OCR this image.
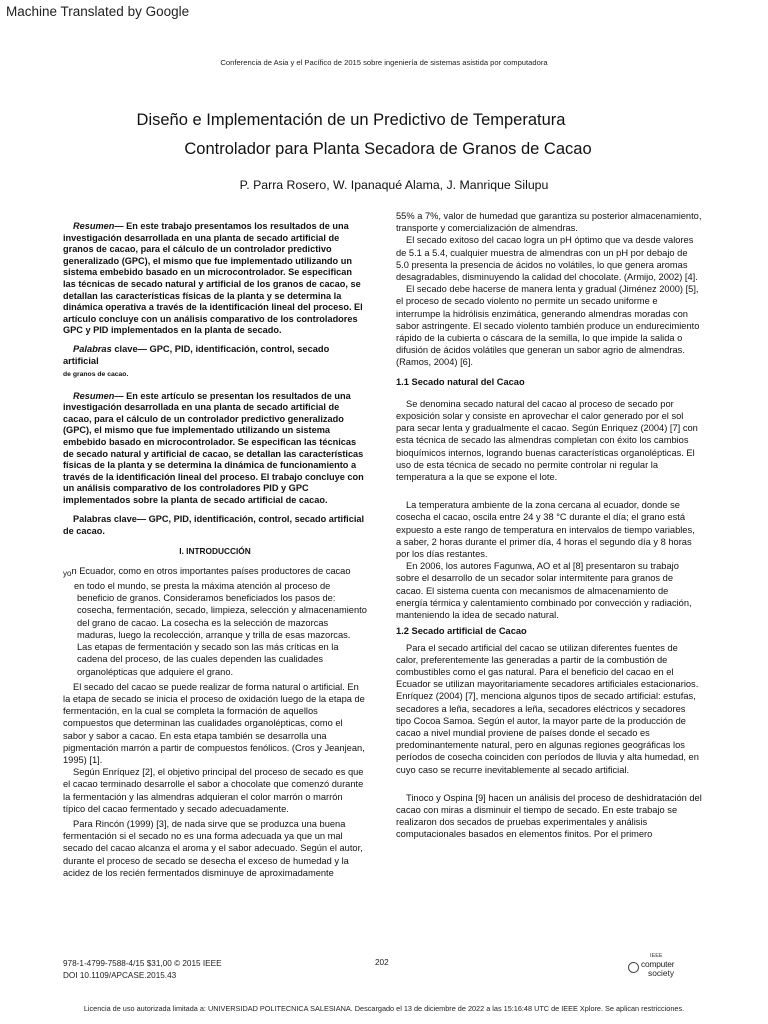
Machine Translated by Google
Conferencia de Asia y el Pacífico de 2015 sobre ingeniería de sistemas asistida por computadora
Diseño e Implementación de un Predictivo de Temperatura
Controlador para Planta Secadora de Granos de Cacao
P. Parra Rosero, W. Ipanaqué Alama, J. Manrique Silupu

Resumen— En este trabajo presentamos los resultados de una investigación desarrollada en una planta de secado artificial de granos de cacao, para el cálculo de un controlador predictivo generalizado (GPC), el mismo que fue implementado utilizando un sistema embebido basado en un microcontrolador. Se especifican las técnicas de secado natural y artificial de los granos de cacao, se detallan las características físicas de la planta y se determina la dinámica operativa a través de la identificación lineal del proceso. El artículo concluye con un análisis comparativo de los controladores GPC y PID implementados en la planta de secado.

Palabras clave— GPC, PID, identificación, control, secado artificial
de granos de cacao.

Resumen— En este artículo se presentan los resultados de una investigación desarrollada en una planta de secado artificial de cacao, para el cálculo de un controlador predictivo generalizado (GPC), el mismo que fue implementado utilizando un sistema embebido basado en microcontrolador. Se especifican las técnicas de secado natural y artificial de cacao, se detallan las características físicas de la planta y se determina la dinámica de funcionamiento a través de la identificación lineal del proceso. El trabajo concluye con un análisis comparativo de los controladores PID y GPC implementados sobre la planta de secado artificial de cacao.

Palabras clave— GPC, PID, identificación, control, secado artificial de cacao.

I. INTRODUCCIÓN

yon Ecuador, como en otros importantes países productores de cacao

en todo el mundo, se presta la máxima atención al proceso de beneficio de granos. Consideramos beneficiados los pasos de: cosecha, fermentación, secado, limpieza, selección y almacenamiento del grano de cacao. La cosecha es la selección de mazorcas maduras, luego la recolección, arranque y trilla de esas mazorcas. Las etapas de fermentación y secado son las más críticas en la cadena del proceso, de las cuales dependen las cualidades organolépticas que adquiere el grano.

El secado del cacao se puede realizar de forma natural o artificial. En la etapa de secado se inicia el proceso de oxidación luego de la etapa de fermentación, en la cual se completa la formación de aquellos compuestos que determinan las cualidades organolépticas, como el sabor y sabor a cacao. En esta etapa también se desarrolla una pigmentación marrón a partir de compuestos fenólicos. (Cros y Jeanjean, 1995) [1].

Según Enríquez [2], el objetivo principal del proceso de secado es que el cacao terminado desarrolle el sabor a chocolate que comenzó durante la fermentación y las almendras adquieran el color marrón o marrón típico del cacao fermentado y secado adecuadamente.

Para Rincón (1999) [3], de nada sirve que se produzca una buena fermentación si el secado no es una forma adecuada ya que un mal secado del cacao alcanza el aroma y el sabor adecuado. Según el autor, durante el proceso de secado se desecha el exceso de humedad y la acidez de los recién fermentados disminuye de aproximadamente

55% a 7%, valor de humedad que garantiza su posterior almacenamiento, transporte y comercialización de almendras.

El secado exitoso del cacao logra un pH óptimo que va desde valores de 5.1 a 5.4, cualquier muestra de almendras con un pH por debajo de 5.0 presenta la presencia de ácidos no volátiles, lo que genera aromas desagradables, disminuyendo la calidad del chocolate. (Armijo, 2002) [4].

El secado debe hacerse de manera lenta y gradual (Jiménez 2000) [5], el proceso de secado violento no permite un secado uniforme e interrumpe la hidrólisis enzimática, generando almendras moradas con sabor astringente. El secado violento también produce un endurecimiento rápido de la cubierta o cáscara de la semilla, lo que impide la salida o difusión de ácidos volátiles que generan un sabor agrio de almendras. (Ramos, 2004) [6].

1.1 Secado natural del Cacao

Se denomina secado natural del cacao al proceso de secado por exposición solar y consiste en aprovechar el calor generado por el sol para secar lenta y gradualmente el cacao. Según Enriquez (2004) [7] con esta técnica de secado las almendras completan con éxito los cambios bioquímicos internos, logrando buenas características organolépticas. El uso de esta técnica de secado no permite controlar ni regular la temperatura a la que se expone el lote.

La temperatura ambiente de la zona cercana al ecuador, donde se cosecha el cacao, oscila entre 24 y 38 °C durante el día; el grano está expuesto a este rango de temperatura en intervalos de tiempo variables, a saber, 2 horas durante el primer día, 4 horas el segundo día y 8 horas por los días restantes.

En 2006, los autores Fagunwa, AO et al [8] presentaron su trabajo sobre el desarrollo de un secador solar intermitente para granos de cacao. El sistema cuenta con mecanismos de almacenamiento de energía térmica y calentamiento combinado por convección y radiación, manteniendo la idea de secado natural.

1.2 Secado artificial de Cacao

Para el secado artificial del cacao se utilizan diferentes fuentes de calor, preferentemente las generadas a partir de la combustión de combustibles como el gas natural. Para el beneficio del cacao en el Ecuador se utilizan mayoritariamente secadores artificiales estacionarios. Enríquez (2004) [7], menciona algunos tipos de secado artificial: estufas, secadores a leña, secadores a leña, secadores eléctricos y secadores tipo Cocoa Samoa. Según el autor, la mayor parte de la producción de cacao a nivel mundial proviene de países donde el secado es predominantemente natural, pero en algunas regiones geográficas los períodos de cosecha coinciden con períodos de lluvia y alta humedad, en cuyo caso se recurre inevitablemente al secado artificial.

Tinoco y Ospina [9] hacen un análisis del proceso de deshidratación del cacao con miras a disminuir el tiempo de secado. En este trabajo se realizaron dos secados de pruebas experimentales y análisis computacionales basados en elementos finitos. Por el primero

978-1-4799-7588-4/15 $31,00 © 2015 IEEE
DOI 10.1109/APCASE.2015.43
202
IEEE
computer
society
Licencia de uso autorizada limitada a: UNIVERSIDAD POLITECNICA SALESIANA. Descargado el 13 de diciembre de 2022 a las 15:16:48 UTC de IEEE Xplore. Se aplican restricciones.
